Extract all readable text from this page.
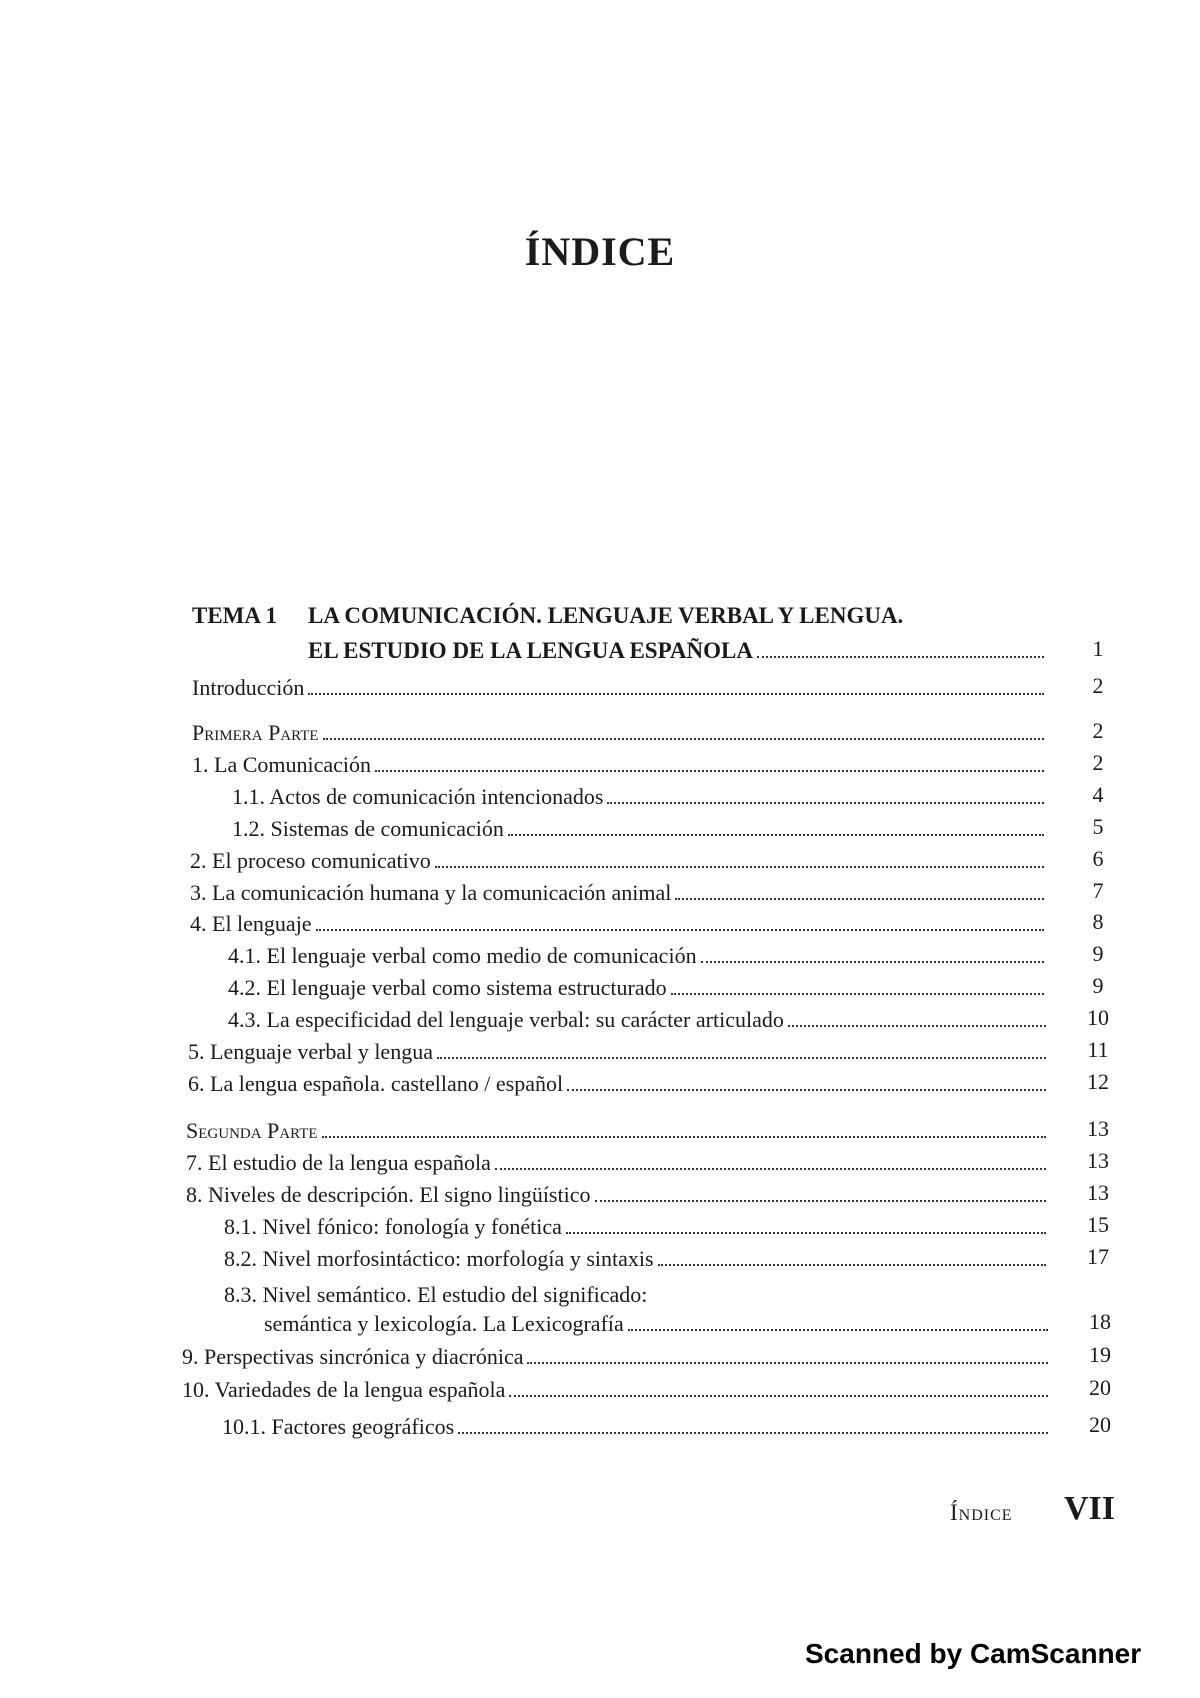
ÍNDICE
TEMA 1 LA COMUNICACIÓN. LENGUAJE VERBAL Y LENGUA.
EL ESTUDIO DE LA LENGUA ESPAÑOLA	1
Introducción	2
Primera Parte	2
1. La Comunicación	2
1.1. Actos de comunicación intencionados	4
1.2. Sistemas de comunicación	5
2. El proceso comunicativo	6
3. La comunicación humana y la comunicación animal	7
4. El lenguaje	8
4.1. El lenguaje verbal como medio de comunicación	9
4.2. El lenguaje verbal como sistema estructurado	9
4.3. La especificidad del lenguaje verbal: su carácter articulado	10
5. Lenguaje verbal y lengua	11
6. La lengua española. castellano / español	12
Segunda Parte	13
7. El estudio de la lengua española	13
8. Niveles de descripción. El signo lingüístico	13
8.1. Nivel fónico: fonología y fonética	15
8.2. Nivel morfosintáctico: morfología y sintaxis	17
8.3. Nivel semántico. El estudio del significado:
semántica y lexicología. La Lexicografía	18
9. Perspectivas sincrónica y diacrónica	19
10. Variedades de la lengua española	20
10.1. Factores geográficos	20
Índice VII
Scanned by CamScanner
